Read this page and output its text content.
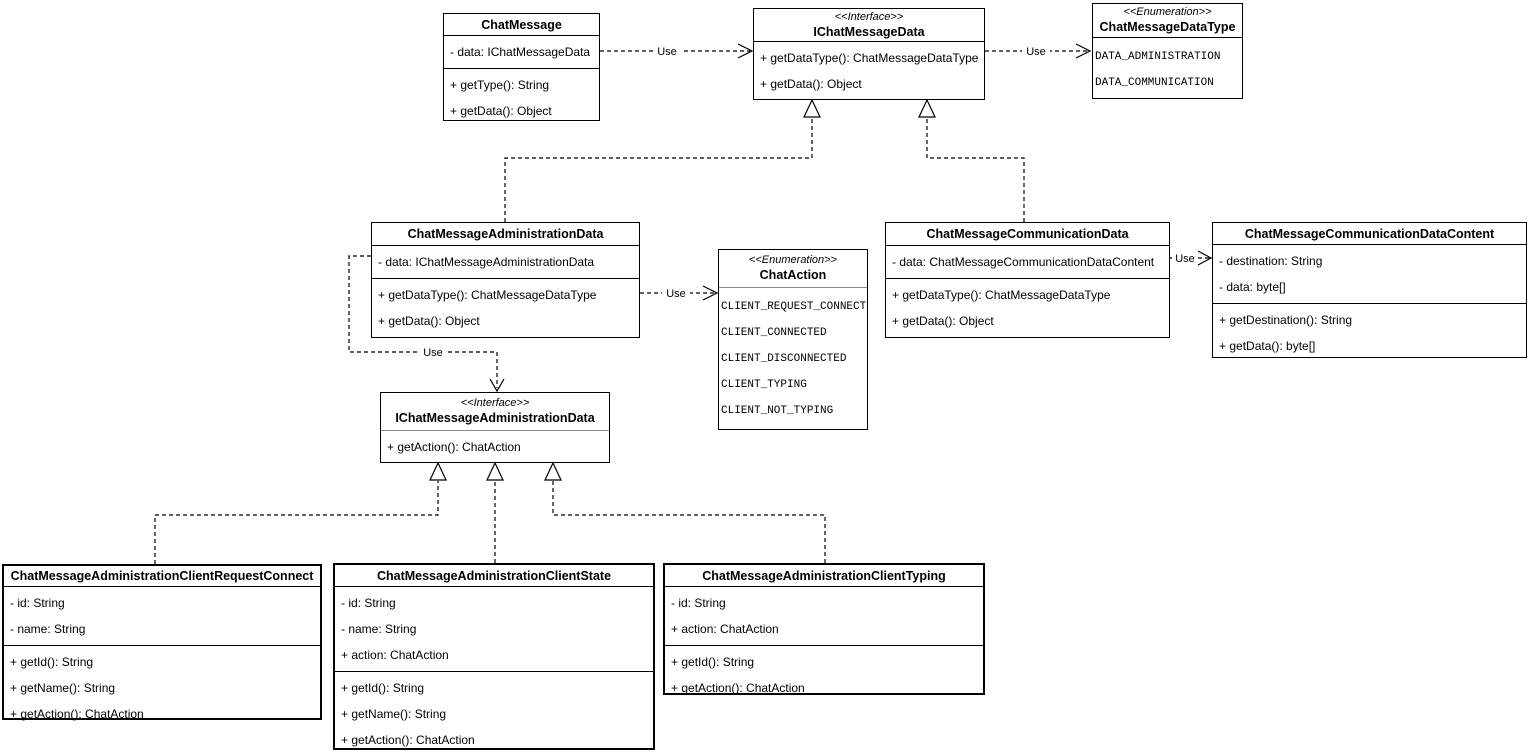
Use	Use
Use
Use
Use
ChatMessage
- data: IChatMessageData
+ getType(): String
+ getData(): Object
<<Interface>>
IChatMessageData
+ getDataType(): ChatMessageDataType
+ getData(): Object
<<Enumeration>>
ChatMessageDataType
DATA_ADMINISTRATION
DATA_COMMUNICATION
ChatMessageAdministrationData
- data: IChatMessageAdministrationData
+ getDataType(): ChatMessageDataType
+ getData(): Object
<<Enumeration>>
ChatAction
CLIENT_REQUEST_CONNECT
CLIENT_CONNECTED
CLIENT_DISCONNECTED
CLIENT_TYPING
CLIENT_NOT_TYPING
ChatMessageCommunicationData
- data: ChatMessageCommunicationDataContent
+ getDataType(): ChatMessageDataType
+ getData(): Object
ChatMessageCommunicationDataContent
- destination: String
- data: byte[]
+ getDestination(): String
+ getData(): byte[]
<<Interface>>
IChatMessageAdministrationData
+ getAction(): ChatAction
ChatMessageAdministrationClientRequestConnect
- id: String
- name: String
+ getId(): String
+ getName(): String
+ getAction(): ChatAction
ChatMessageAdministrationClientState
- id: String
- name: String
+ action: ChatAction
+ getId(): String
+ getName(): String
+ getAction(): ChatAction
ChatMessageAdministrationClientTyping
- id: String
+ action: ChatAction
+ getId(): String
+ getAction(): ChatAction
